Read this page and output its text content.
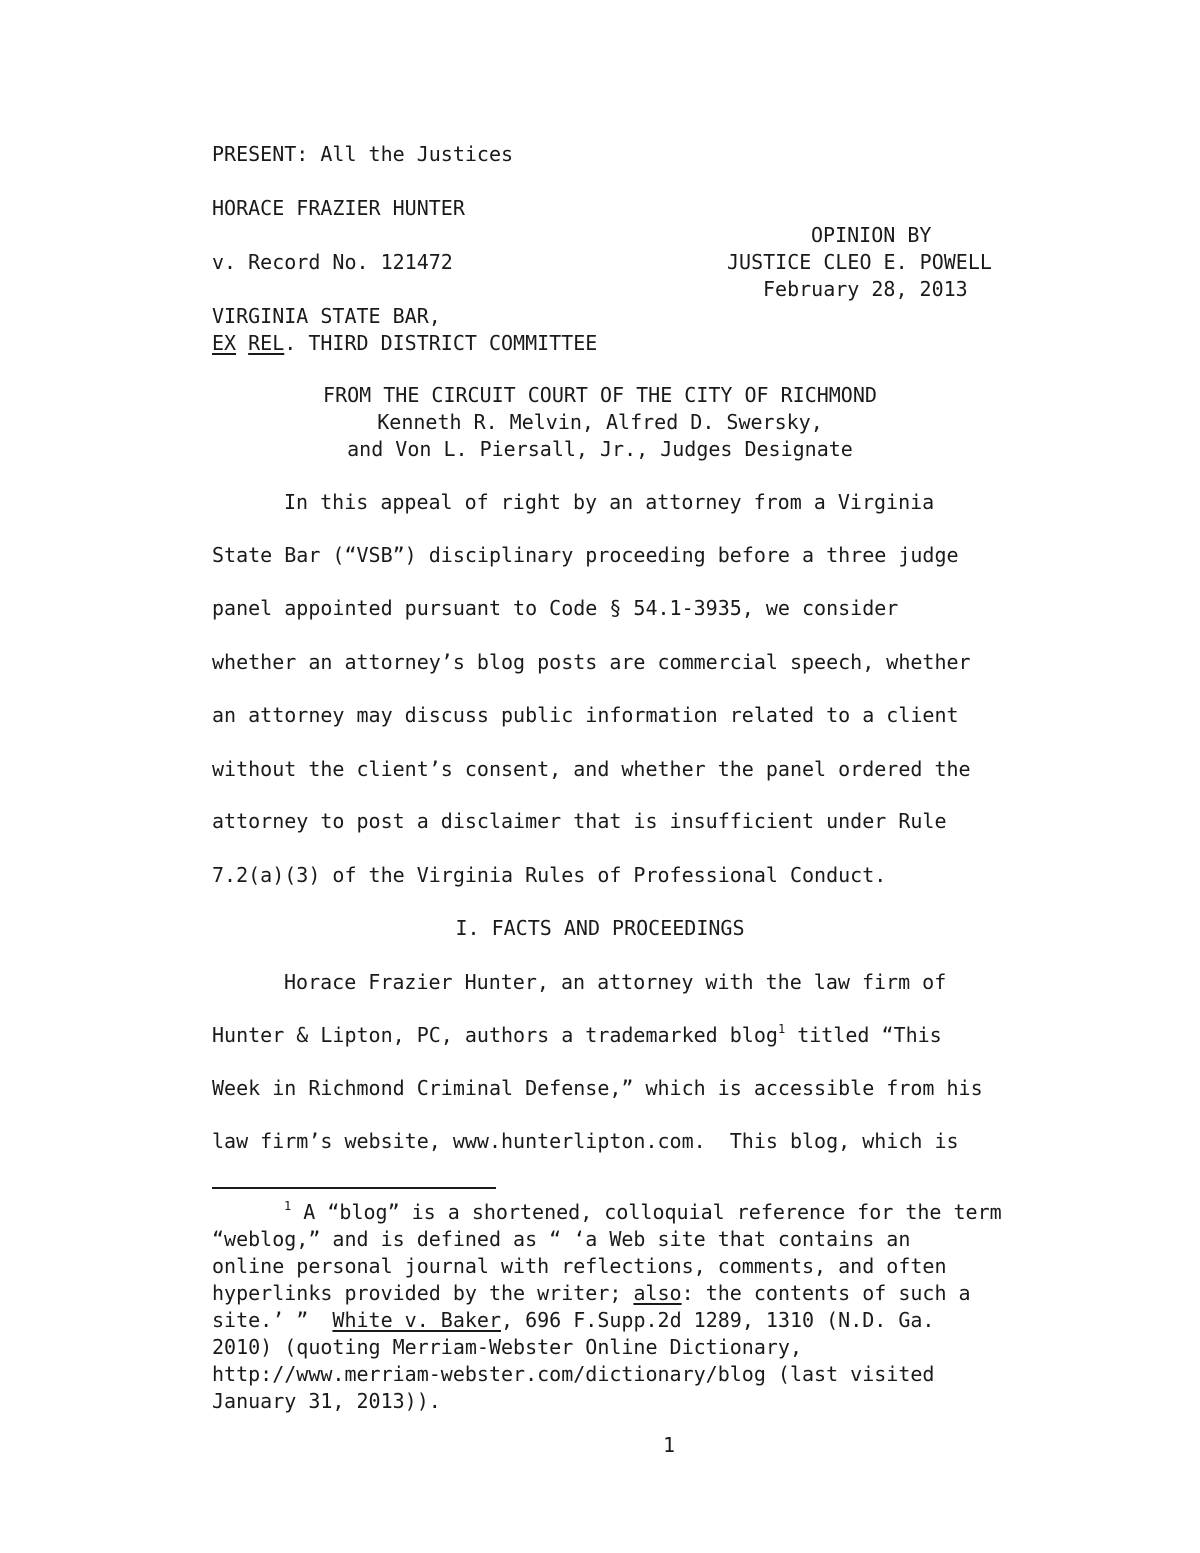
PRESENT: All the Justices
HORACE FRAZIER HUNTER
OPINION BY
v. Record No. 121472	JUSTICE CLEO E. POWELL
February 28, 2013
VIRGINIA STATE BAR,
EX REL. THIRD DISTRICT COMMITTEE
FROM THE CIRCUIT COURT OF THE CITY OF RICHMOND
Kenneth R. Melvin, Alfred D. Swersky,
and Von L. Piersall, Jr., Judges Designate
In this appeal of right by an attorney from a Virginia
State Bar (“VSB”) disciplinary proceeding before a three judge
panel appointed pursuant to Code § 54.1-3935, we consider
whether an attorney’s blog posts are commercial speech, whether
an attorney may discuss public information related to a client
without the client’s consent, and whether the panel ordered the
attorney to post a disclaimer that is insufficient under Rule
7.2(a)(3) of the Virginia Rules of Professional Conduct.
I. FACTS AND PROCEEDINGS
Horace Frazier Hunter, an attorney with the law firm of
Hunter & Lipton, PC, authors a trademarked blog$^1$ titled “This
Week in Richmond Criminal Defense,” which is accessible from his
law firm’s website, www.hunterlipton.com.  This blog, which is
$^1$ A “blog” is a shortened, colloquial reference for the term
“weblog,” and is defined as “ ‘a Web site that contains an
online personal journal with reflections, comments, and often
hyperlinks provided by the writer; also: the contents of such a
site.’ ”  White v. Baker, 696 F.Supp.2d 1289, 1310 (N.D. Ga.
2010) (quoting Merriam-Webster Online Dictionary,
http://www.merriam-webster.com/dictionary/blog (last visited
January 31, 2013)).
1
